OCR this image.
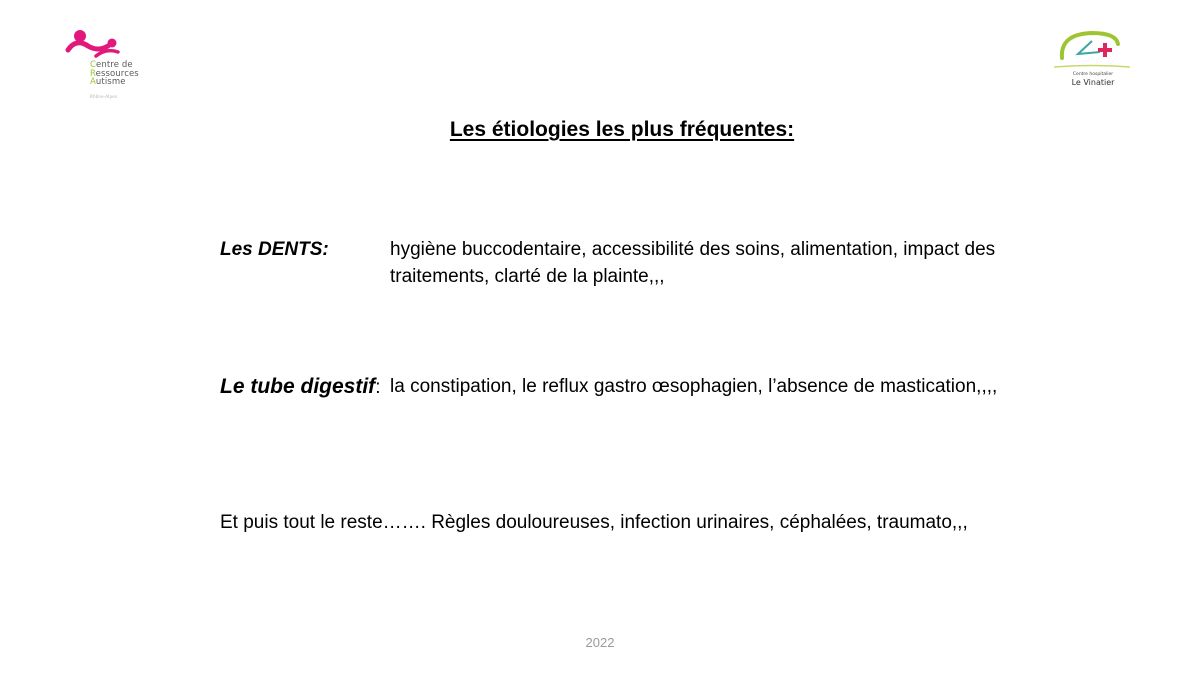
Centre de
Ressources
Autisme
Rhône-Alpes
Centre hospitalier
Le Vinatier
Les étiologies les plus fréquentes:
Les DENTS:	hygiène buccodentaire, accessibilité des soins, alimentation, impact des traitements, clarté de la plainte,,,
Le tube digestif: la constipation, le reflux gastro œsophagien, l’absence de mastication,,,,
Et puis tout le reste……. Règles douloureuses, infection urinaires, céphalées, traumato,,,
2022
